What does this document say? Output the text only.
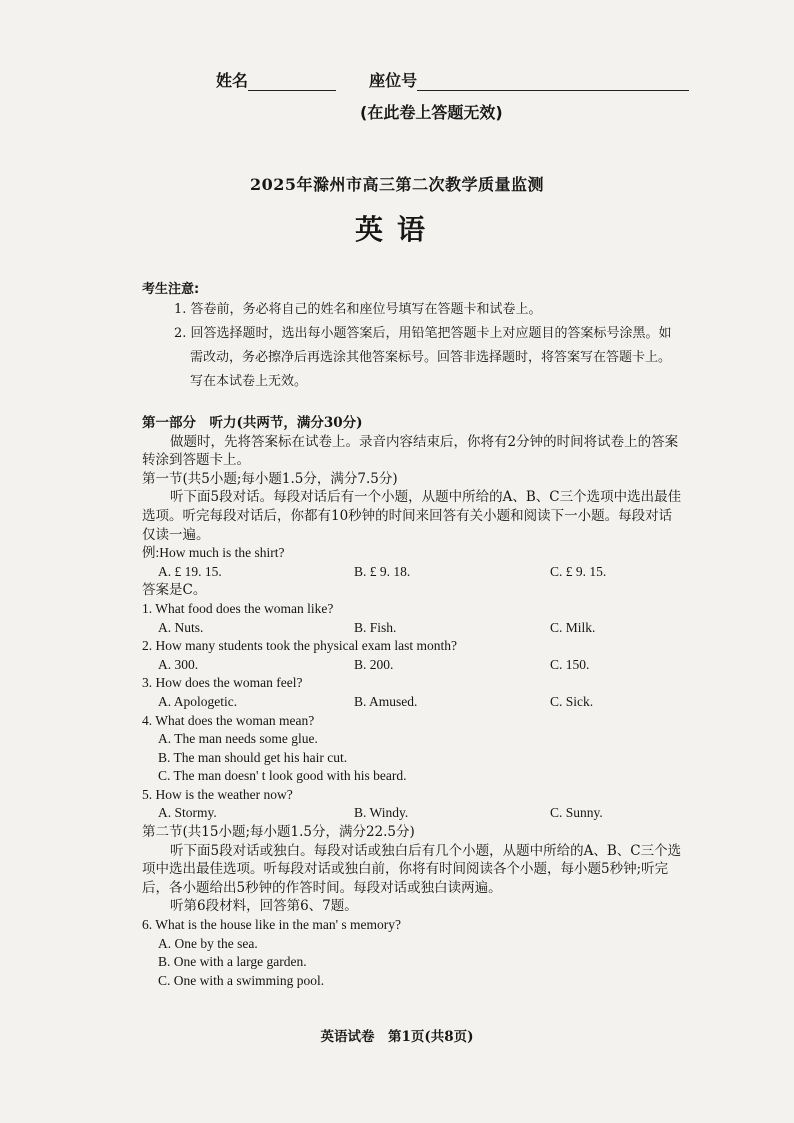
姓名	座位号
(在此卷上答题无效)
2025年滁州市高三第二次教学质量监测
英语
考生注意:

1. 答卷前，务必将自己的姓名和座位号填写在答题卡和试卷上。

2. 回答选择题时，选出每小题答案后，用铅笔把答题卡上对应题目的答案标号涂黑。如

需改动，务必擦净后再选涂其他答案标号。回答非选择题时，将答案写在答题卡上。

写在本试卷上无效。

第一部分　听力(共两节，满分30分)

做题时，先将答案标在试卷上。录音内容结束后，你将有2分钟的时间将试卷上的答案

转涂到答题卡上。

第一节(共5小题;每小题1.5分，满分7.5分)

听下面5段对话。每段对话后有一个小题，从题中所给的A、B、C三个选项中选出最佳

选项。听完每段对话后，你都有10秒钟的时间来回答有关小题和阅读下一小题。每段对话

仅读一遍。

例:How much is the shirt?

A. £ 19. 15.	B. £ 9. 18.	C. £ 9. 15.

答案是C。

1. What food does the woman like?

A. Nuts.	B. Fish.	C. Milk.

2. How many students took the physical exam last month?

A. 300.	B. 200.	C. 150.

3. How does the woman feel?

A. Apologetic.	B. Amused.	C. Sick.

4. What does the woman mean?

A. The man needs some glue.

B. The man should get his hair cut.

C. The man doesn' t look good with his beard.

5. How is the weather now?

A. Stormy.	B. Windy.	C. Sunny.

第二节(共15小题;每小题1.5分，满分22.5分)

听下面5段对话或独白。每段对话或独白后有几个小题，从题中所给的A、B、C三个选

项中选出最佳选项。听每段对话或独白前，你将有时间阅读各个小题，每小题5秒钟;听完

后，各小题给出5秒钟的作答时间。每段对话或独白读两遍。

听第6段材料，回答第6、7题。

6. What is the house like in the man' s memory?

A. One by the sea.

B. One with a large garden.

C. One with a swimming pool.

英语试卷　第1页(共8页)
